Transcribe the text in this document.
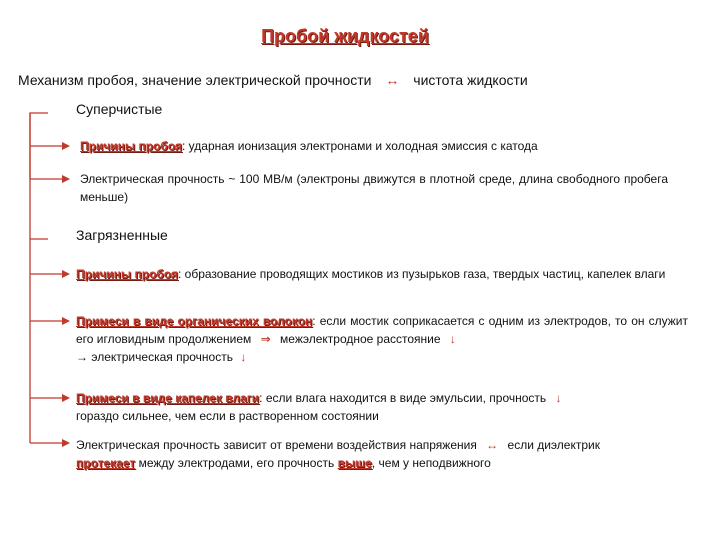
Пробой жидкостей
Механизм пробоя, значение электрической прочности ↔ чистота жидкости
Суперчистые
Причины пробоя: ударная ионизация электронами и холодная эмиссия с катода
Электрическая прочность ~ 100 МВ/м (электроны движутся в плотной среде, длина свободного пробега меньше)
Загрязненные
Причины пробоя: образование проводящих мостиков из пузырьков газа, твердых частиц, капелек влаги
Примеси в виде органических волокон: если мостик соприкасается с одним из электродов, то он служит его игловидным продолжением ⇒ межэлектродное расстояние ↓
→ электрическая прочность ↓
Примеси в виде капелек влаги: если влага находится в виде эмульсии, прочность ↓
гораздо сильнее, чем если в растворенном состоянии
Электрическая прочность зависит от времени воздействия напряжения ↔ если диэлектрик
протекает между электродами, его прочность выше, чем у неподвижного
